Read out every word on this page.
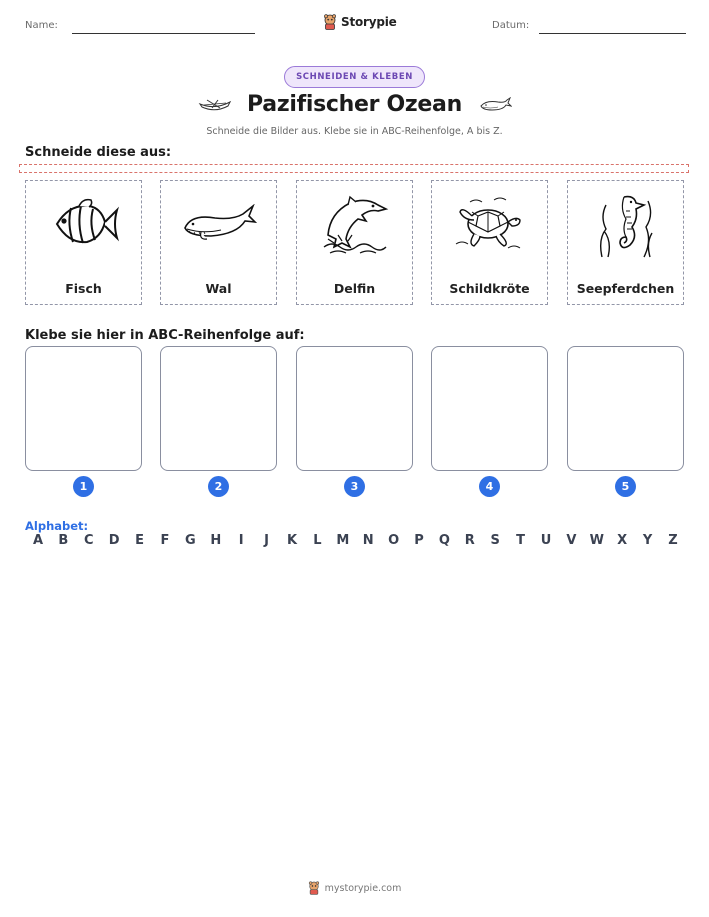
Name:	Storypie	Datum:
SCHNEIDEN & KLEBEN
Pazifischer Ozean
Schneide die Bilder aus. Klebe sie in ABC-Reihenfolge, A bis Z.
Schneide diese aus:
Fisch	Wal	Delfin	Schildkröte	Seepferdchen
Klebe sie hier in ABC-Reihenfolge auf:
1	2	3	4	5
Alphabet:
A B C D E F G H I J K L M N O P Q R S T U V W X Y Z
mystorypie.com
